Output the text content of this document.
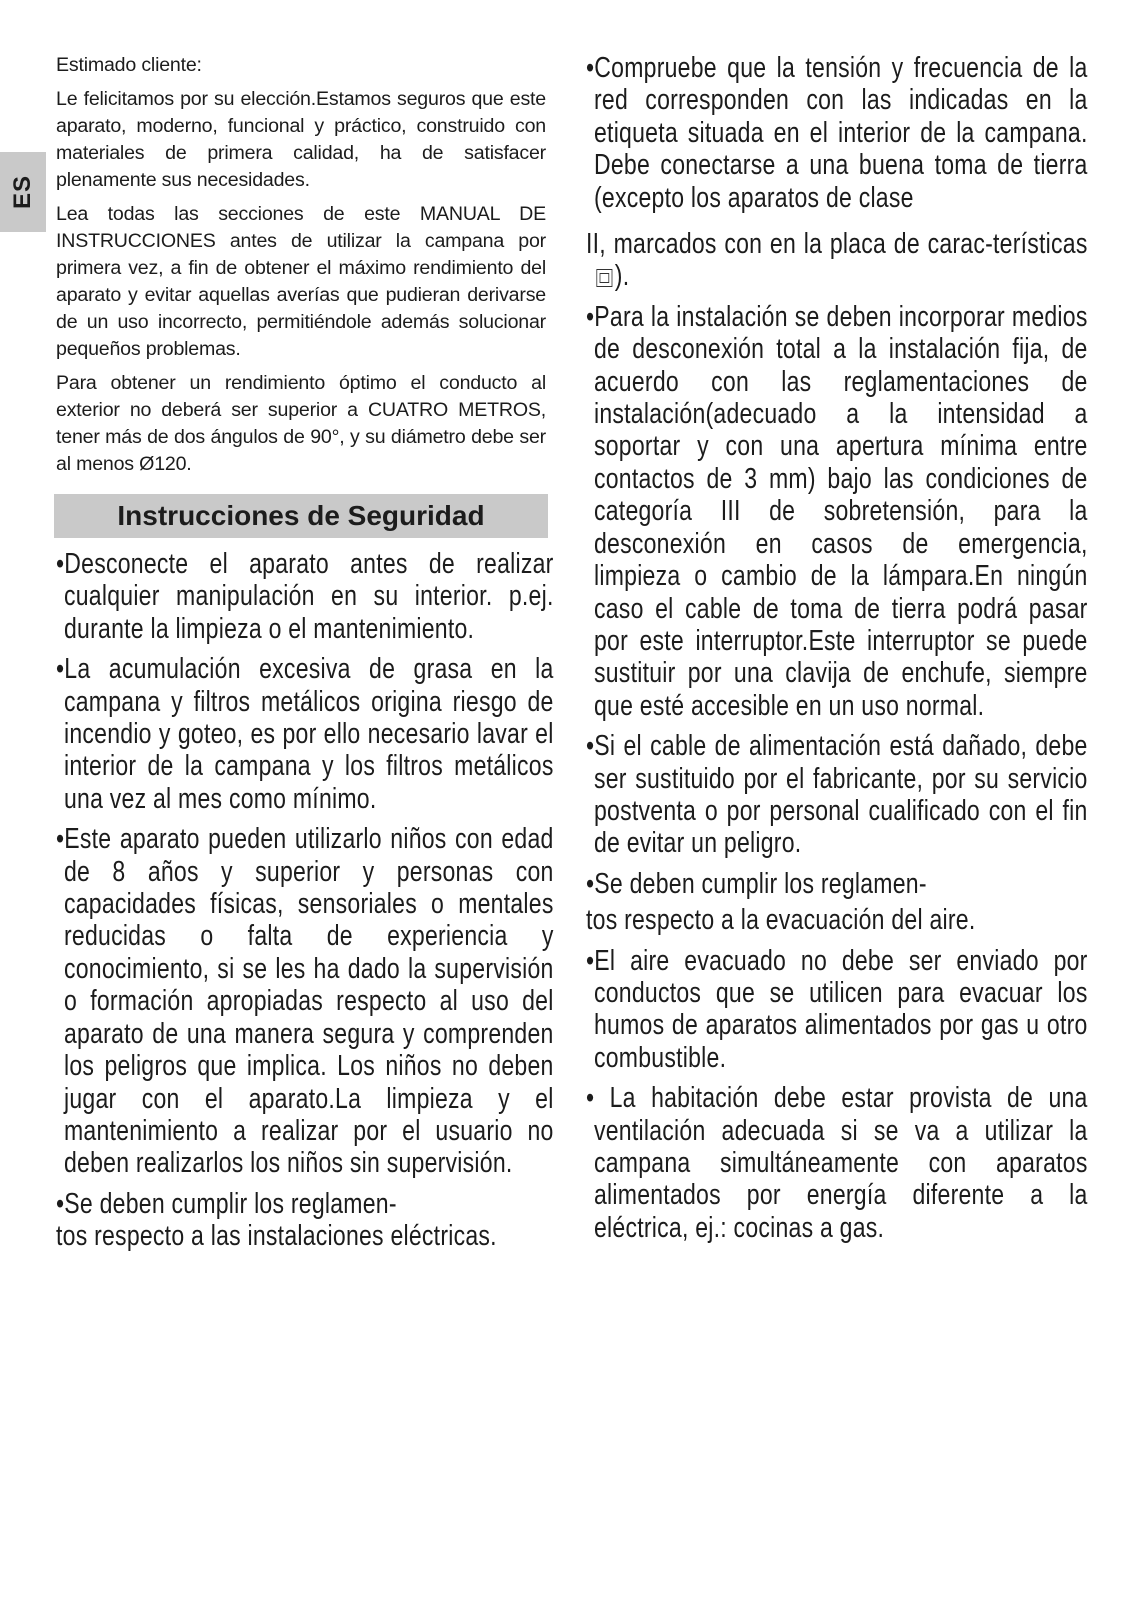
ES

Estimado cliente:

Le felicitamos por su elección.Estamos seguros que este aparato, moderno, funcional y práctico, construido con materiales de primera calidad, ha de satisfacer plenamente sus necesidades.

Lea todas las secciones de este MANUAL DE INSTRUCCIONES antes de utilizar la campana por primera vez, a fin de obtener el máximo rendimiento del aparato y evitar aquellas averías que pudieran derivarse de un uso incorrecto, permitiéndole además solucionar pequeños problemas.

Para obtener un rendimiento óptimo el conducto al exterior no deberá ser superior a CUATRO METROS, tener más de dos ángulos de 90°, y su diámetro debe ser al menos Ø120.

Instrucciones de Seguridad

•Desconecte el aparato antes de realizar cualquier manipulación en su interior. p.ej. durante la limpieza o el mantenimiento.

•La acumulación excesiva de grasa en la campana y filtros metálicos origina riesgo de incendio y goteo, es por ello necesario lavar el interior de la campana y los filtros metálicos una vez al mes como mínimo.

•Este aparato pueden utilizarlo niños con edad de 8 años y superior y personas con capacidades físicas, sensoriales o mentales reducidas o falta de experiencia y conocimiento, si se les ha dado la supervisión o formación apropiadas respecto al uso del aparato de una manera segura y comprenden los peligros que implica. Los niños no deben jugar con el aparato.La limpieza y el mantenimiento a realizar por el usuario no deben realizarlos los niños sin supervisión.

•Se deben cumplir los reglamen-

tos respecto a las instalaciones eléctricas.

•Compruebe que la tensión y frecuencia de la red corresponden con las indicadas en la etiqueta situada en el interior de la campana. Debe conectarse a una buena toma de tierra (excepto los aparatos de clase

II, marcados con en la placa de carac-terísticas ).

•Para la instalación se deben incorporar medios de desconexión total a la instalación fija, de acuerdo con las reglamentaciones de instalación(adecuado a la intensidad a soportar y con una apertura mínima entre contactos de 3 mm) bajo las condiciones de categoría III de sobretensión, para la desconexión en casos de emergencia, limpieza o cambio de la lámpara.En ningún caso el cable de toma de tierra podrá pasar por este interruptor.Este interruptor se puede sustituir por una clavija de enchufe, siempre que esté accesible en un uso normal.

•Si el cable de alimentación está dañado, debe ser sustituido por el fabricante, por su servicio postventa o por personal cualificado con el fin de evitar un peligro.

•Se deben cumplir los reglamen-

tos respecto a la evacuación del aire.

•El aire evacuado no debe ser enviado por conductos que se utilicen para evacuar los humos de aparatos alimentados por gas u otro combustible.

• La habitación debe estar provista de una ventilación adecuada si se va a utilizar la campana simultáneamente con aparatos alimentados por energía diferente a la eléctrica, ej.: cocinas a gas.
